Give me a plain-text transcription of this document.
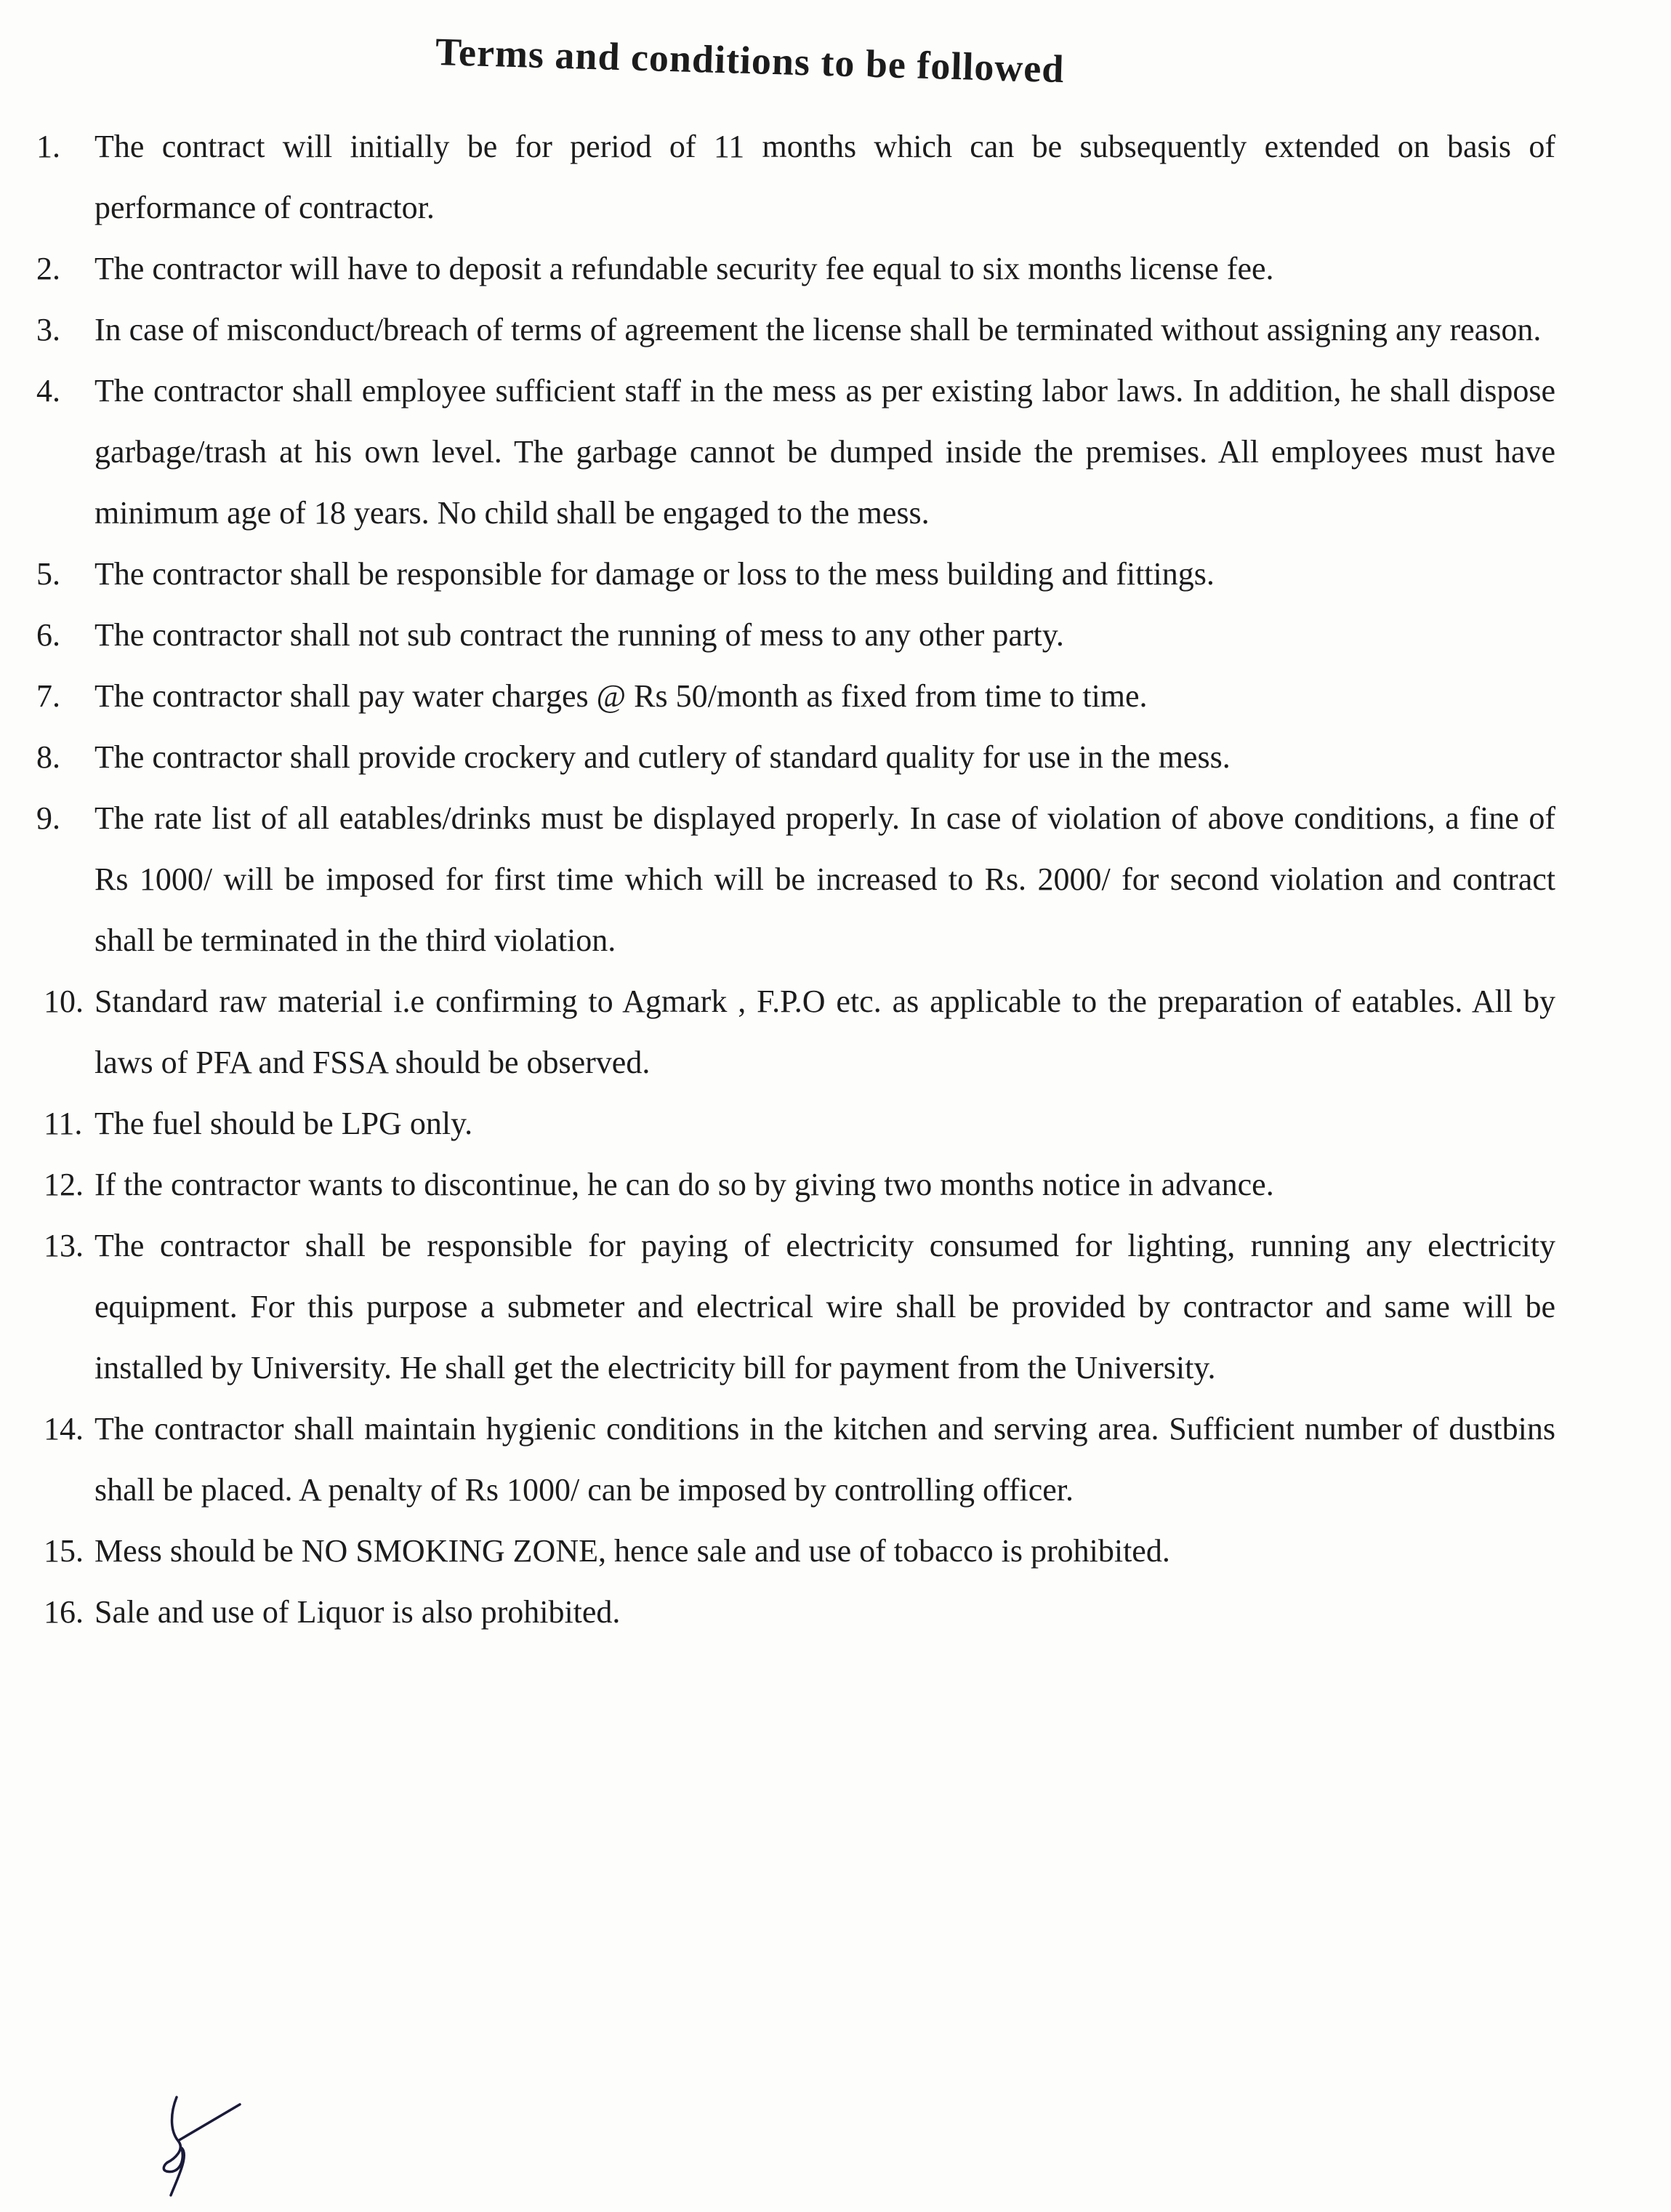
Terms and conditions to be followed
1.	The contract will initially be for period of 11 months which can be subsequently extended on basis of performance of contractor.
2.	The contractor will have to deposit a refundable security fee equal to six months license fee.
3.	In case of misconduct/breach of terms of agreement the license shall be terminated without assigning any reason.
4.	The contractor shall employee sufficient staff in the mess as per existing labor laws. In addition, he shall dispose garbage/trash at his own level. The garbage cannot be dumped inside the premises. All employees must have minimum age of 18 years. No child shall be engaged to the mess.
5.	The contractor shall be responsible for damage or loss to the mess building and fittings.
6.	The contractor shall not sub contract the running of mess to any other party.
7.	The contractor shall pay water charges @ Rs 50/month as fixed from time to time.
8.	The contractor shall provide crockery and cutlery of standard quality for use in the mess.
9.	The rate list of all eatables/drinks must be displayed properly. In case of violation of above conditions, a fine of Rs 1000/ will be imposed for first time which will be increased to Rs. 2000/ for second violation and contract shall be terminated in the third violation.
10. Standard raw material i.e confirming to Agmark , F.P.O etc. as applicable to the preparation of eatables. All by laws of PFA and FSSA should be observed.
11. The fuel should be LPG only.
12. If the contractor wants to discontinue, he can do so by giving two months notice in advance.
13. The contractor shall be responsible for paying of electricity consumed for lighting, running any electricity equipment. For this purpose a submeter and electrical wire shall be provided by contractor and same will be installed by University. He shall get the electricity bill for payment from the University.
14. The contractor shall maintain hygienic conditions in the kitchen and serving area. Sufficient number of dustbins shall be placed. A penalty of Rs 1000/ can be imposed by controlling officer.
15. Mess should be NO SMOKING ZONE, hence sale and use of tobacco is prohibited.
16. Sale and use of Liquor is also prohibited.
